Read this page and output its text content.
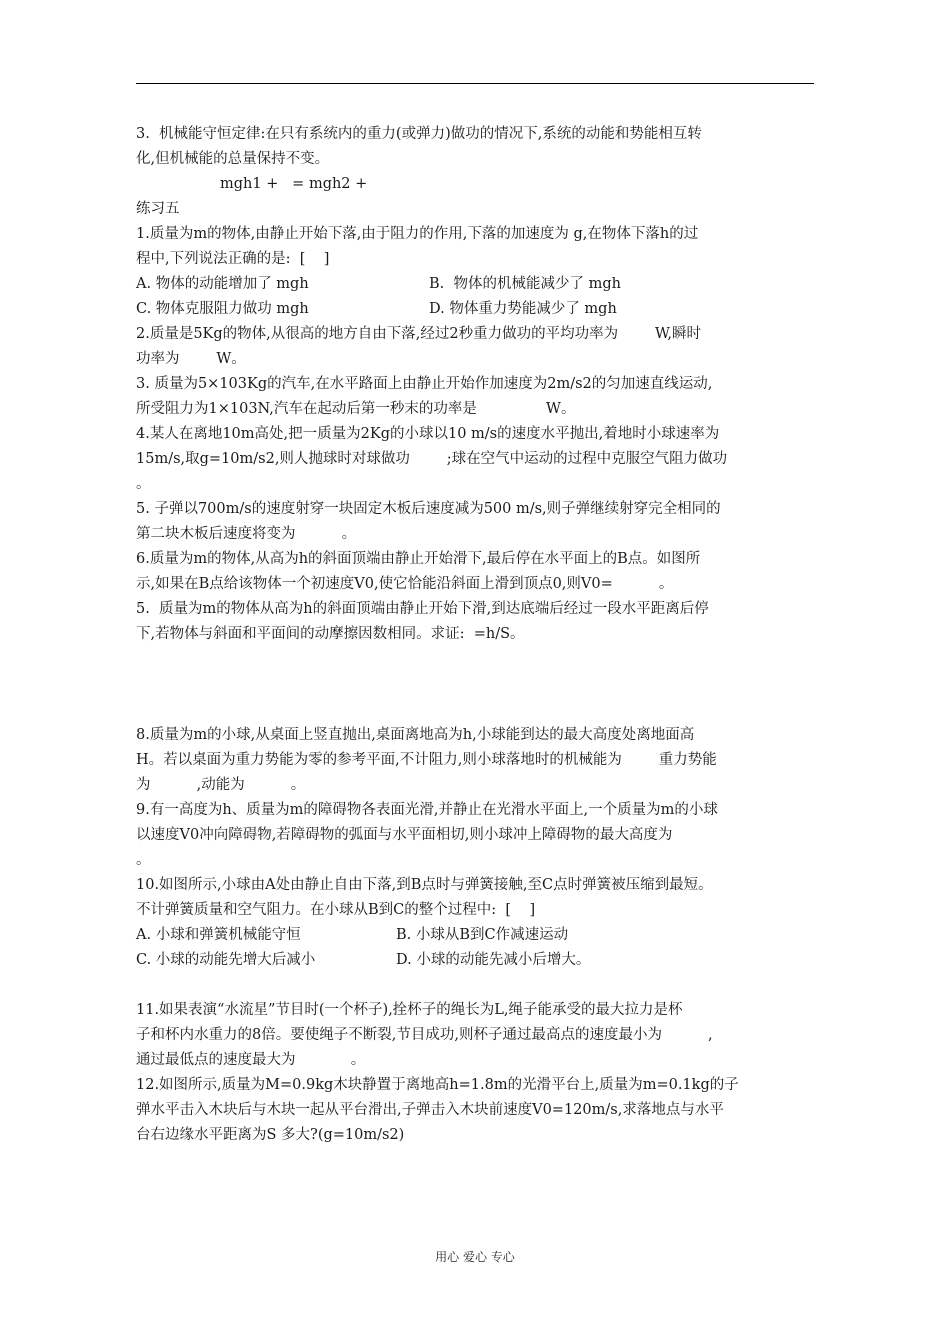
3.  机械能守恒定律:在只有系统内的重力(或弹力)做功的情况下,系统的动能和势能相互转
化,但机械能的总量保持不变。
mgh1 +   = mgh2 +
练习五
1.质量为m的物体,由静止开始下落,由于阻力的作用,下落的加速度为 g,在物体下落h的过
程中,下列说法正确的是:  [    ]
A. 物体的动能增加了 mgh	B.  物体的机械能减少了 mgh
C. 物体克服阻力做功 mgh	D. 物体重力势能减少了 mgh
2.质量是5Kg的物体,从很高的地方自由下落,经过2秒重力做功的平均功率为        W,瞬时
功率为        W。
3. 质量为5×103Kg的汽车,在水平路面上由静止开始作加速度为2m/s2的匀加速直线运动,
所受阻力为1×103N,汽车在起动后第一秒末的功率是               W。
4.某人在离地10m高处,把一质量为2Kg的小球以10 m/s的速度水平抛出,着地时小球速率为
15m/s,取g=10m/s2,则人抛球时对球做功        ;球在空气中运动的过程中克服空气阻力做功
。
5. 子弹以700m/s的速度射穿一块固定木板后速度减为500 m/s,则子弹继续射穿完全相同的
第二块木板后速度将变为          。
6.质量为m的物体,从高为h的斜面顶端由静止开始滑下,最后停在水平面上的B点。如图所
示,如果在B点给该物体一个初速度V0,使它恰能沿斜面上滑到顶点0,则V0=          。
5.  质量为m的物体从高为h的斜面顶端由静止开始下滑,到达底端后经过一段水平距离后停
下,若物体与斜面和平面间的动摩擦因数相同。求证:  =h/S。
8.质量为m的小球,从桌面上竖直抛出,桌面离地高为h,小球能到达的最大高度处离地面高
H。若以桌面为重力势能为零的参考平面,不计阻力,则小球落地时的机械能为        重力势能
为          ,动能为          。
9.有一高度为h、质量为m的障碍物各表面光滑,并静止在光滑水平面上,一个质量为m的小球
以速度V0冲向障碍物,若障碍物的弧面与水平面相切,则小球冲上障碍物的最大高度为
。
10.如图所示,小球由A处由静止自由下落,到B点时与弹簧接触,至C点时弹簧被压缩到最短。
不计弹簧质量和空气阻力。在小球从B到C的整个过程中:  [    ]
A. 小球和弹簧机械能守恒	B. 小球从B到C作减速运动
C. 小球的动能先增大后减小	D. 小球的动能先减小后增大。
11.如果表演“水流星”节目时(一个杯子),拴杯子的绳长为L,绳子能承受的最大拉力是杯
子和杯内水重力的8倍。要使绳子不断裂,节目成功,则杯子通过最高点的速度最小为          ,
通过最低点的速度最大为            。
12.如图所示,质量为M=0.9kg木块静置于离地高h=1.8m的光滑平台上,质量为m=0.1kg的子
弹水平击入木块后与木块一起从平台滑出,子弹击入木块前速度V0=120m/s,求落地点与水平
台右边缘水平距离为S 多大?(g=10m/s2)
用心 爱心 专心
